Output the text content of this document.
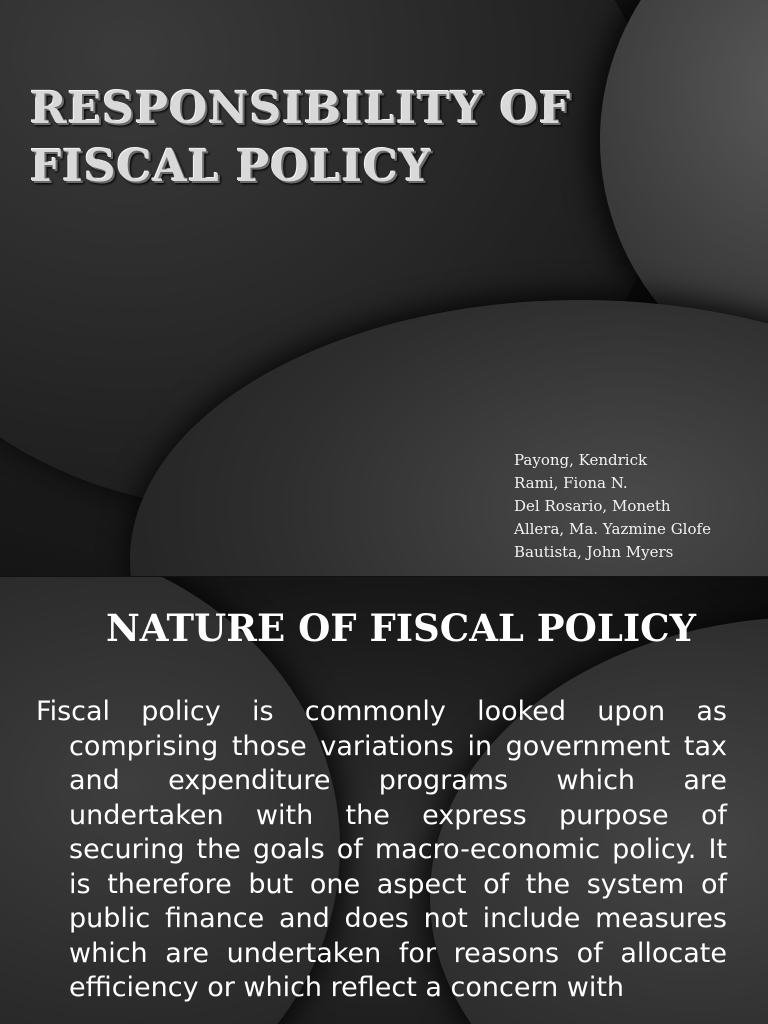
RESPONSIBILITY OF
FISCAL POLICY
Payong, Kendrick
Rami, Fiona N.
Del Rosario, Moneth
Allera, Ma. Yazmine Glofe
Bautista, John Myers
NATURE OF FISCAL POLICY

Fiscal policy is commonly looked upon as comprising those variations in government tax and expenditure programs which are undertaken with the express purpose of securing the goals of macro-economic policy. It is therefore but one aspect of the system of public finance and does not include measures which are undertaken for reasons of allocate efficiency or which reflect a concern with
